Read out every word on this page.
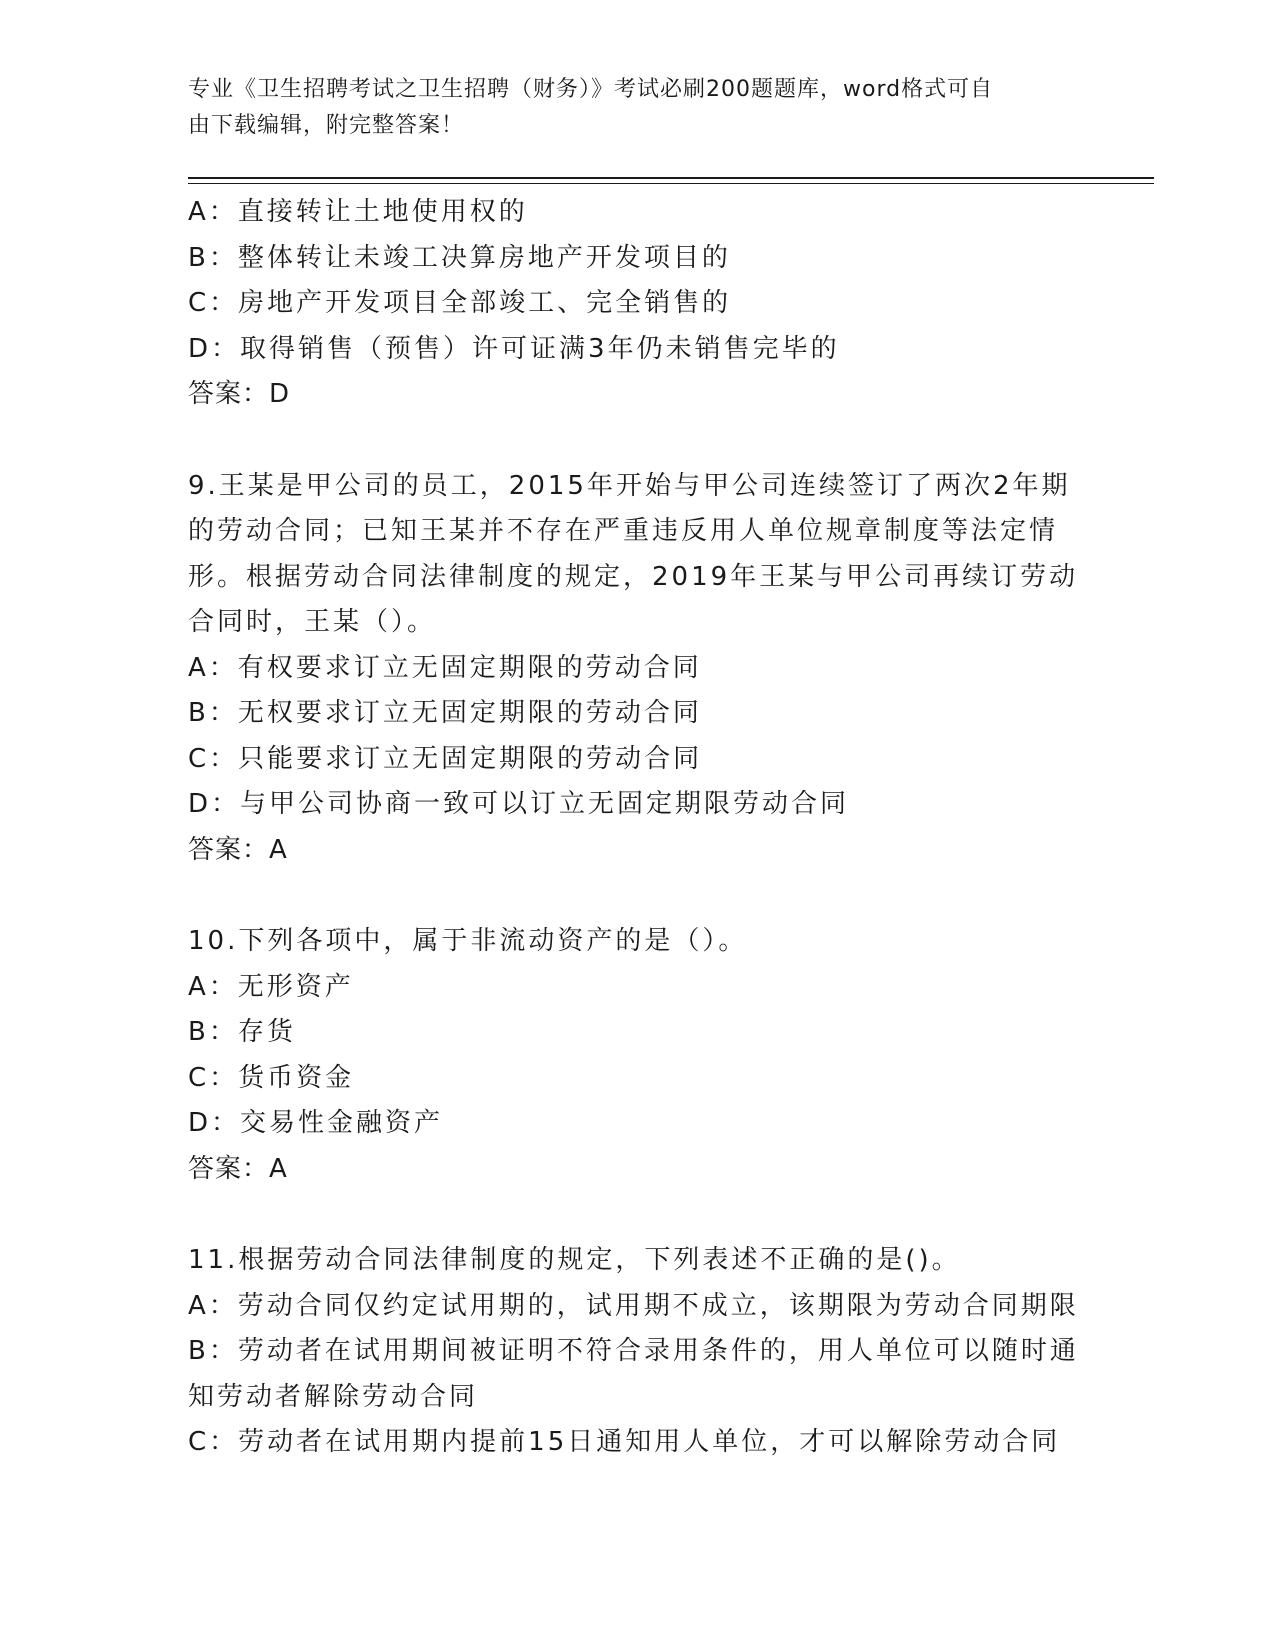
专业《卫生招聘考试之卫生招聘（财务）》考试必刷200题题库，word格式可自
由下载编辑，附完整答案！
A：直接转让土地使用权的
B：整体转让未竣工决算房地产开发项目的
C：房地产开发项目全部竣工、完全销售的
D：取得销售（预售）许可证满3年仍未销售完毕的
答案：D
9.王某是甲公司的员工，2015年开始与甲公司连续签订了两次2年期
的劳动合同；已知王某并不存在严重违反用人单位规章制度等法定情
形。根据劳动合同法律制度的规定，2019年王某与甲公司再续订劳动
合同时，王某（）。
A：有权要求订立无固定期限的劳动合同
B：无权要求订立无固定期限的劳动合同
C：只能要求订立无固定期限的劳动合同
D：与甲公司协商一致可以订立无固定期限劳动合同
答案：A
10.下列各项中，属于非流动资产的是（）。
A：无形资产
B：存货
C：货币资金
D：交易性金融资产
答案：A
11.根据劳动合同法律制度的规定，下列表述不正确的是()。
A：劳动合同仅约定试用期的，试用期不成立，该期限为劳动合同期限
B：劳动者在试用期间被证明不符合录用条件的，用人单位可以随时通
知劳动者解除劳动合同
C：劳动者在试用期内提前15日通知用人单位，才可以解除劳动合同
